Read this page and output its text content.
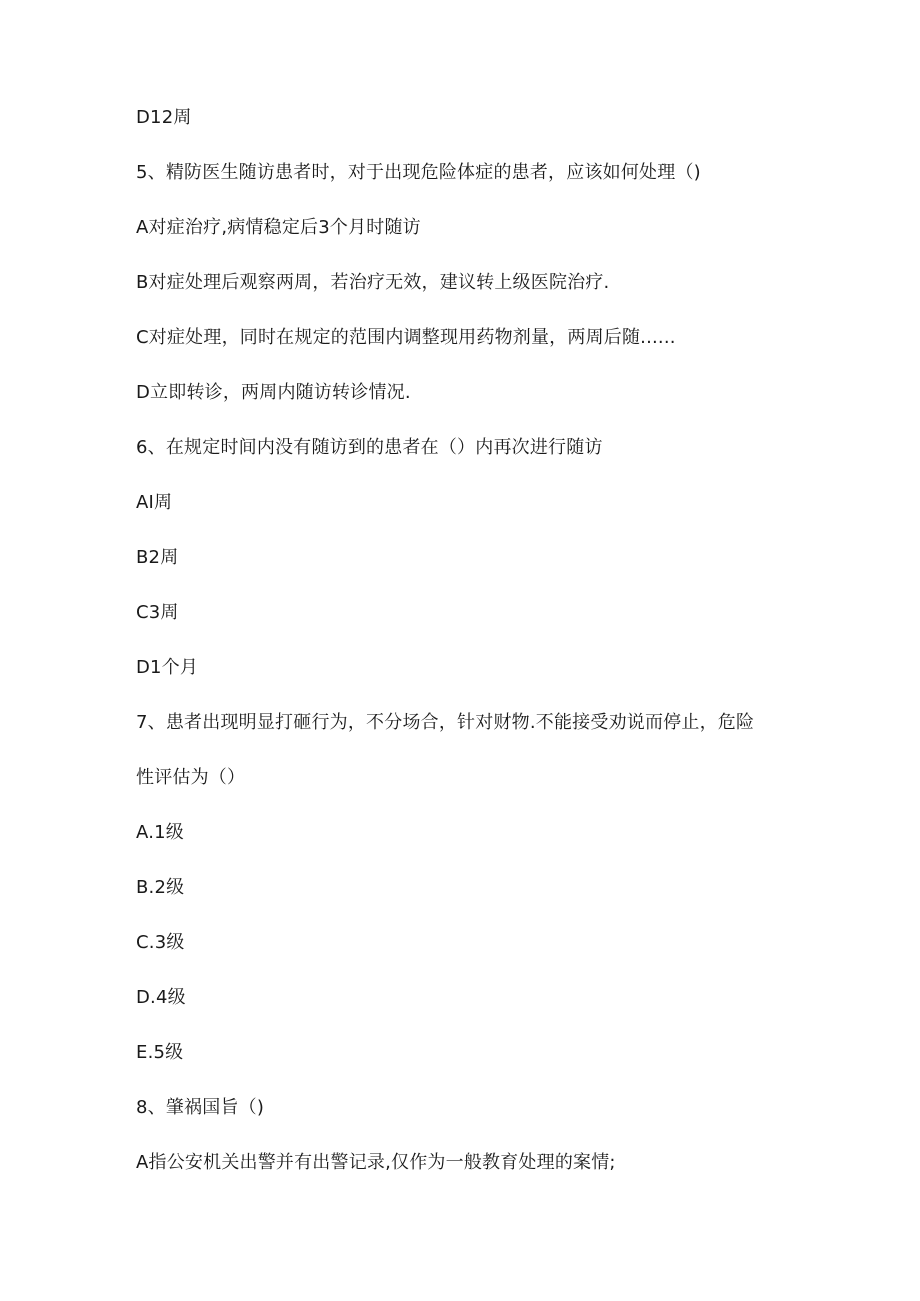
D12周
5、精防医生随访患者时，对于出现危险体症的患者，应该如何处理（)
A对症治疗,病情稳定后3个月时随访
B对症处理后观察两周，若治疗无效，建议转上级医院治疗.
C对症处理，同时在规定的范围内调整现用药物剂量，两周后随......
D立即转诊，两周内随访转诊情况.
6、在规定时间内没有随访到的患者在（）内再次进行随访
AI周
B2周
C3周
D1个月
7、患者出现明显打砸行为，不分场合，针对财物.不能接受劝说而停止，危险
性评估为（）
A.1级
B.2级
C.3级
D.4级
E.5级
8、肇祸国旨（)
A指公安机关出警并有出警记录,仅作为一般教育处理的案情;
